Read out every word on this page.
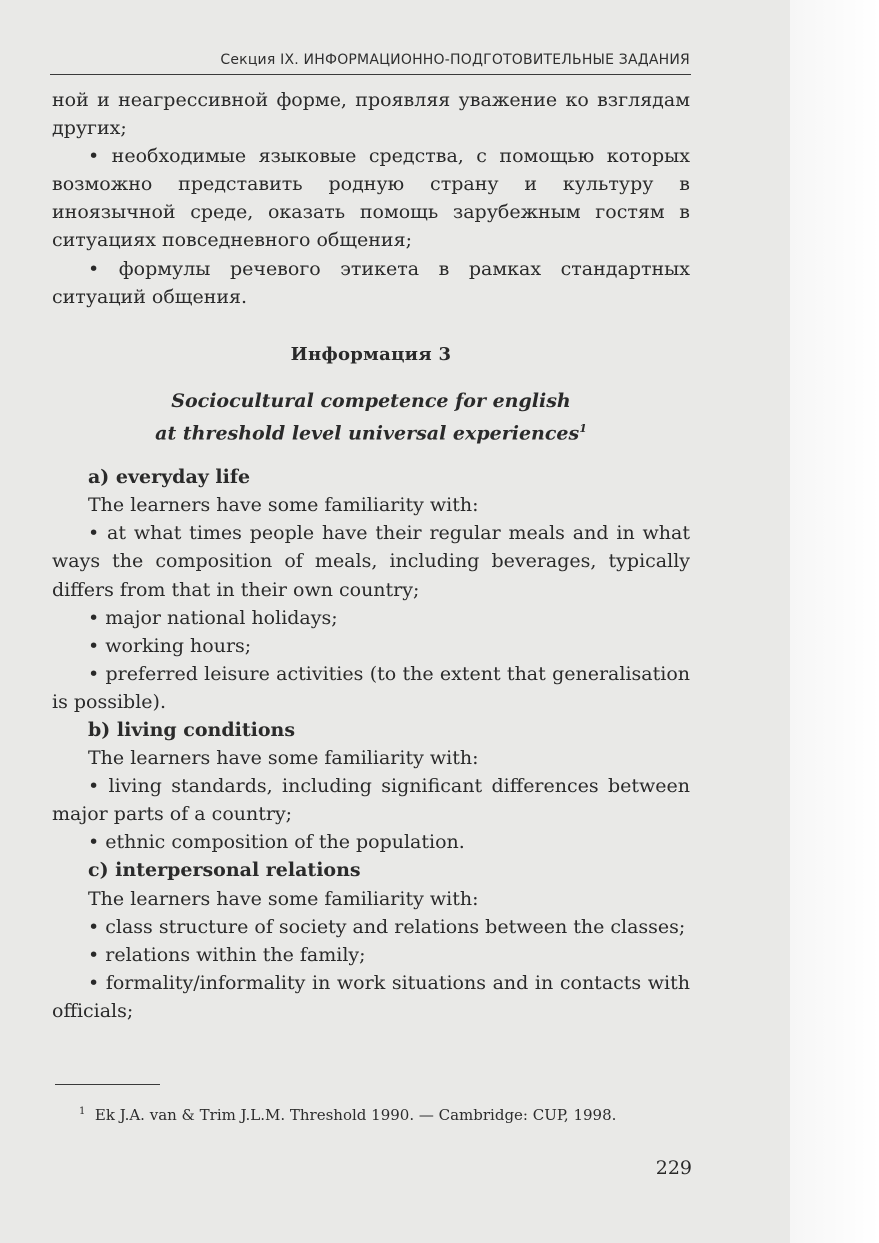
Секция IX. ИНФОРМАЦИОННО-ПОДГОТОВИТЕЛЬНЫЕ ЗАДАНИЯ

ной и неагрессивной форме, проявляя уважение ко взглядам других;

• необходимые языковые средства, с помощью которых возможно представить родную страну и культуру в иноязычной среде, оказать помощь зарубежным гостям в ситуациях повседневного общения;

• формулы речевого этикета в рамках стандартных ситуаций общения.

Информация 3

Sociocultural competence for english
at threshold level universal experiences$^1$

a) everyday life

The learners have some familiarity with:

• at what times people have their regular meals and in what ways the composition of meals, including beverages, typically differs from that in their own country;

• major national holidays;

• working hours;

• preferred leisure activities (to the extent that generalisation is possible).

b) living conditions

The learners have some familiarity with:

• living standards, including significant differences between major parts of a country;

• ethnic composition of the population.

c) interpersonal relations

The learners have some familiarity with:

• class structure of society and relations between the classes;

• relations within the family;

• formality/informality in work situations and in contacts with officials;

$^1$ Ek J.A. van & Trim J.L.M. Threshold 1990. — Cambridge: CUP, 1998.
229
